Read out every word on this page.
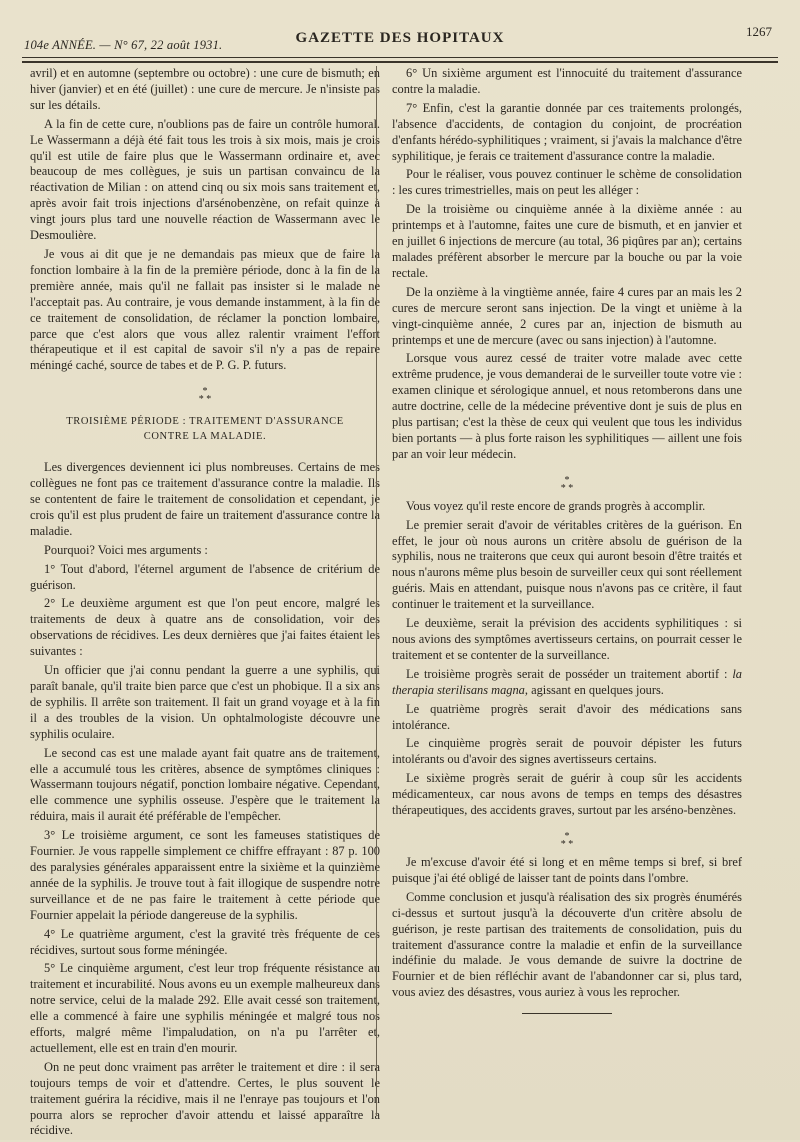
104e ANNÉE. — N° 67, 22 août 1931.	GAZETTE DES HOPITAUX	1267

avril) et en automne (septembre ou octobre) : une cure de bismuth; en hiver (janvier) et en été (juillet) : une cure de mercure. Je n'insiste pas sur les détails.

A la fin de cette cure, n'oublions pas de faire un contrôle humoral. Le Wassermann a déjà été fait tous les trois à six mois, mais je crois qu'il est utile de faire plus que le Wassermann ordinaire et, avec beaucoup de mes collègues, je suis un partisan convaincu de la réactivation de Milian : on attend cinq ou six mois sans traitement et, après avoir fait trois injections d'arsénobenzène, on refait quinze à vingt jours plus tard une nouvelle réaction de Wassermann avec le Desmoulière.

Je vous ai dit que je ne demandais pas mieux que de faire la fonction lombaire à la fin de la première période, donc à la fin de la première année, mais qu'il ne fallait pas insister si le malade ne l'acceptait pas. Au contraire, je vous demande instamment, à la fin de ce traitement de consolidation, de réclamer la ponction lombaire, parce que c'est alors que vous allez ralentir vraiment l'effort thérapeutique et il est capital de savoir s'il n'y a pas de repaire méningé caché, source de tabes et de P. G. P. futurs.

*
* *
TROISIÈME PÉRIODE : TRAITEMENT D'ASSURANCE
CONTRE LA MALADIE.

Les divergences deviennent ici plus nombreuses. Certains de mes collègues ne font pas ce traitement d'assurance contre la maladie. Ils se contentent de faire le traitement de consolidation et cependant, je crois qu'il est plus prudent de faire un traitement d'assurance contre la maladie.

Pourquoi? Voici mes arguments :

1° Tout d'abord, l'éternel argument de l'absence de critérium de guérison.

2° Le deuxième argument est que l'on peut encore, malgré les traitements de deux à quatre ans de consolidation, voir des observations de récidives. Les deux dernières que j'ai faites étaient les suivantes :

Un officier que j'ai connu pendant la guerre a une syphilis, qui paraît banale, qu'il traite bien parce que c'est un phobique. Il a six ans de syphilis. Il arrête son traitement. Il fait un grand voyage et à la fin il a des troubles de la vision. Un ophtalmologiste découvre une syphilis oculaire.

Le second cas est une malade ayant fait quatre ans de traitement, elle a accumulé tous les critères, absence de symptômes cliniques : Wassermann toujours négatif, ponction lombaire négative. Cependant, elle commence une syphilis osseuse. J'espère que le traitement la réduira, mais il aurait été préférable de l'empêcher.

3° Le troisième argument, ce sont les fameuses statistiques de Fournier. Je vous rappelle simplement ce chiffre effrayant : 87 p. 100 des paralysies générales apparaissent entre la sixième et la quinzième année de la syphilis. Je trouve tout à fait illogique de suspendre notre surveillance et de ne pas faire le traitement à cette période que Fournier appelait la période dangereuse de la syphilis.

4° Le quatrième argument, c'est la gravité très fréquente de ces récidives, surtout sous forme méningée.

5° Le cinquième argument, c'est leur trop fréquente résistance au traitement et incurabilité. Nous avons eu un exemple malheureux dans notre service, celui de la malade 292. Elle avait cessé son traitement, elle a commencé à faire une syphilis méningée et malgré tous nos efforts, malgré même l'impaludation, on n'a pu l'arrêter et, actuellement, elle est en train d'en mourir.

On ne peut donc vraiment pas arrêter le traitement et dire : il sera toujours temps de voir et d'attendre. Certes, le plus souvent le traitement guérira la récidive, mais il ne l'enraye pas toujours et l'on pourra alors se reprocher d'avoir attendu et laissé apparaître la récidive.

6° Un sixième argument est l'innocuité du traitement d'assurance contre la maladie.

7° Enfin, c'est la garantie donnée par ces traitements prolongés, l'absence d'accidents, de contagion du conjoint, de procréation d'enfants hérédo-syphilitiques ; vraiment, si j'avais la malchance d'être syphilitique, je ferais ce traitement d'assurance contre la maladie.

Pour le réaliser, vous pouvez continuer le schème de consolidation : les cures trimestrielles, mais on peut les alléger :

De la troisième ou cinquième année à la dixième année : au printemps et à l'automne, faites une cure de bismuth, et en janvier et en juillet 6 injections de mercure (au total, 36 piqûres par an); certains malades préfèrent absorber le mercure par la bouche ou par la voie rectale.

De la onzième à la vingtième année, faire 4 cures par an mais les 2 cures de mercure seront sans injection. De la vingt et unième à la vingt-cinquième année, 2 cures par an, injection de bismuth au printemps et une de mercure (avec ou sans injection) à l'automne.

Lorsque vous aurez cessé de traiter votre malade avec cette extrême prudence, je vous demanderai de le surveiller toute votre vie : examen clinique et sérologique annuel, et nous retomberons dans une autre doctrine, celle de la médecine préventive dont je suis de plus en plus partisan; c'est la thèse de ceux qui veulent que tous les individus bien portants — à plus forte raison les syphilitiques — aillent une fois par an voir leur médecin.

*
* *

Vous voyez qu'il reste encore de grands progrès à accomplir.

Le premier serait d'avoir de véritables critères de la guérison. En effet, le jour où nous aurons un critère absolu de guérison de la syphilis, nous ne traiterons que ceux qui auront besoin d'être traités et nous n'aurons même plus besoin de surveiller ceux qui sont réellement guéris. Mais en attendant, puisque nous n'avons pas ce critère, il faut continuer le traitement et la surveillance.

Le deuxième, serait la prévision des accidents syphilitiques : si nous avions des symptômes avertisseurs certains, on pourrait cesser le traitement et se contenter de la surveillance.

Le troisième progrès serait de posséder un traitement abortif : la therapia sterilisans magna, agissant en quelques jours.

Le quatrième progrès serait d'avoir des médications sans intolérance.

Le cinquième progrès serait de pouvoir dépister les futurs intolérants ou d'avoir des signes avertisseurs certains.

Le sixième progrès serait de guérir à coup sûr les accidents médicamenteux, car nous avons de temps en temps des désastres thérapeutiques, des accidents graves, surtout par les arséno-benzènes.

*
* *

Je m'excuse d'avoir été si long et en même temps si bref, si bref puisque j'ai été obligé de laisser tant de points dans l'ombre.

Comme conclusion et jusqu'à réalisation des six progrès énumérés ci-dessus et surtout jusqu'à la découverte d'un critère absolu de guérison, je reste partisan des traitements de consolidation, puis du traitement d'assurance contre la maladie et enfin de la surveillance indéfinie du malade. Je vous demande de suivre la doctrine de Fournier et de bien réfléchir avant de l'abandonner car si, plus tard, vous aviez des désastres, vous auriez à vous les reprocher.
